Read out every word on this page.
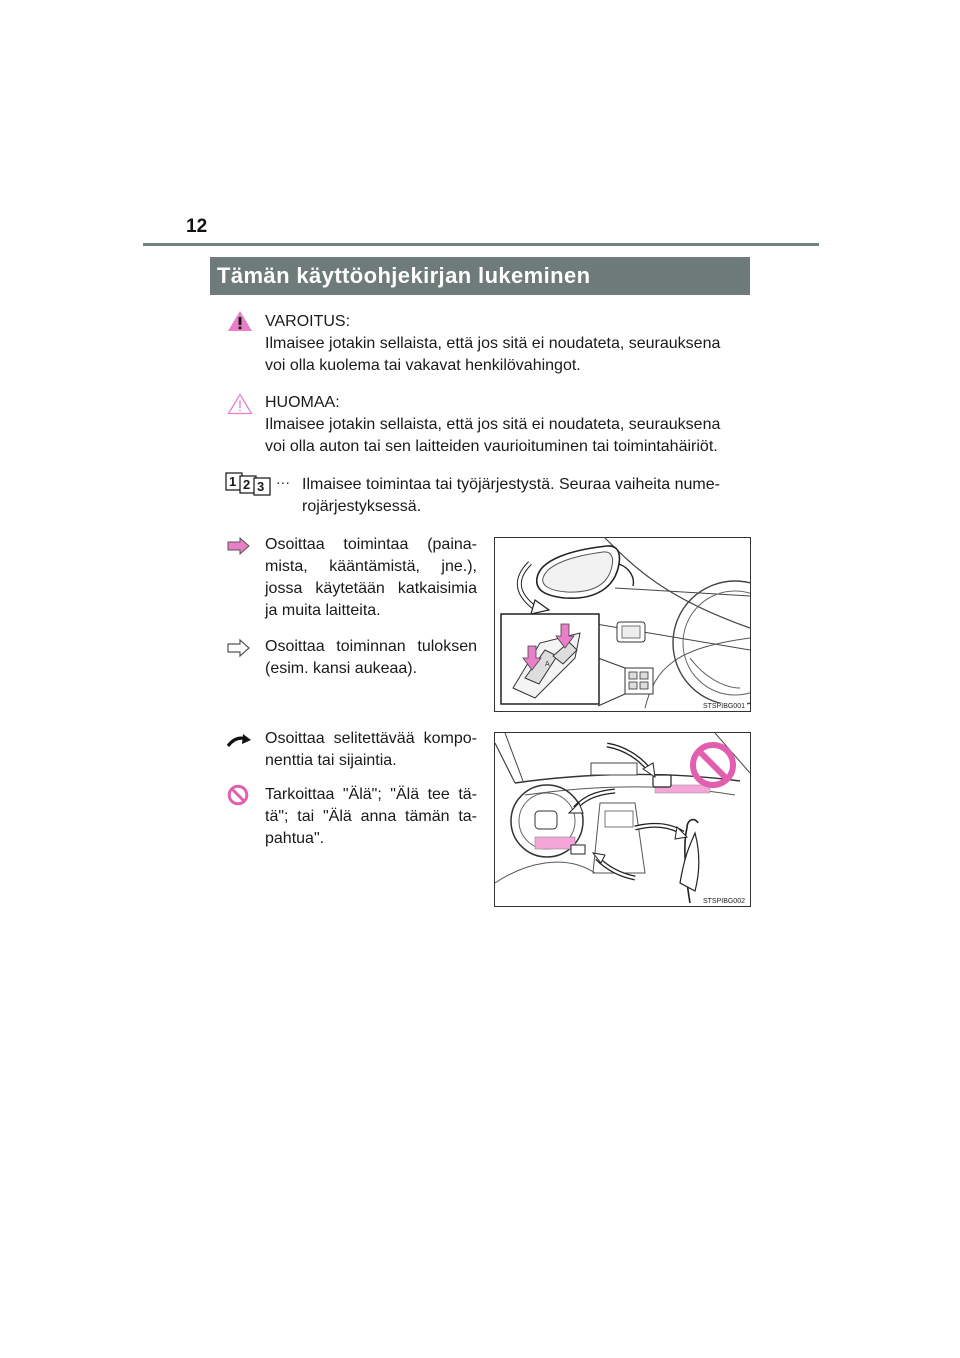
12
Tämän käyttöohjekirjan lukeminen
VAROITUS:
Ilmaisee jotakin sellaista, että jos sitä ei noudateta, seurauksena
voi olla kuolema tai vakavat henkilövahingot.
HUOMAA:
Ilmaisee jotakin sellaista, että jos sitä ei noudateta, seurauksena
voi olla auton tai sen laitteiden vaurioituminen tai toimintahäiriöt.
1 2 3 ··· Ilmaisee toimintaa tai työjärjestystä. Seuraa vaiheita nume-
rojärjestyksessä.
Osoittaa toimintaa (paina-
mista, kääntämistä, jne.),
jossa käytetään katkaisimia
ja muita laitteita.
Osoittaa toiminnan tuloksen
(esim. kansi aukeaa).	A
STSPIBG001
Osoittaa selitettävää kompo-
nenttia tai sijaintia.
Tarkoittaa "Älä"; "Älä tee tä-
tä"; tai "Älä anna tämän ta-
pahtua".
STSPIBG002
